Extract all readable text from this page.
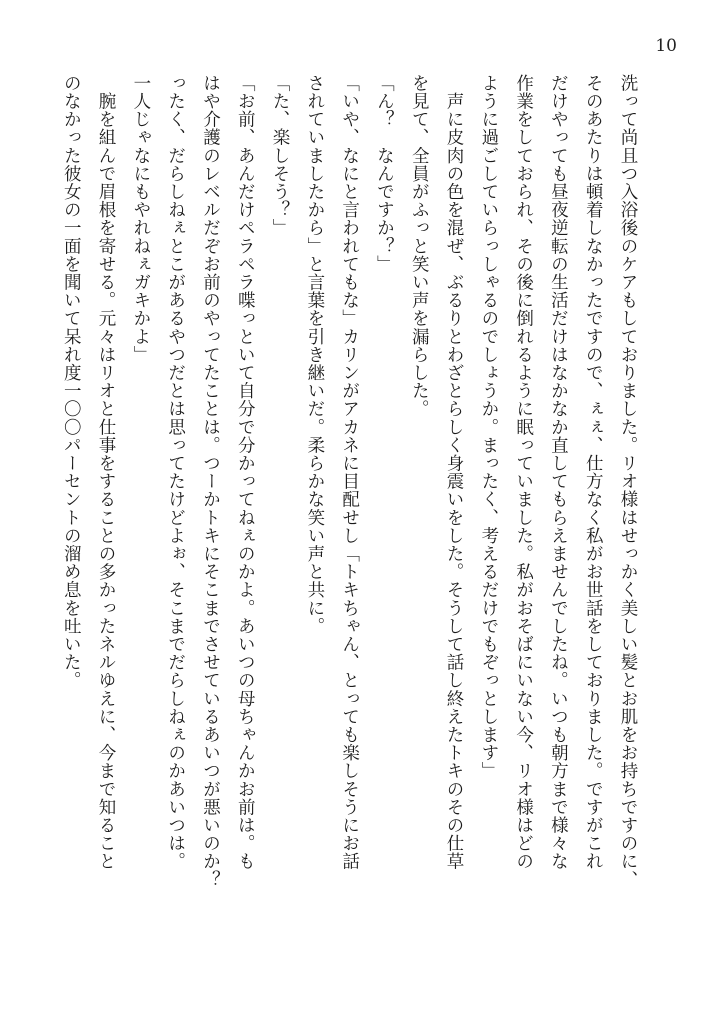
10
洗って尚且つ入浴後のケアもしておりました。リオ様はせっかく美しい髪とお肌をお持ちですのに、
そのあたりは頓着しなかったですので、ぇぇ、仕方なく私がお世話をしておりました。ですがこれ
だけやっても昼夜逆転の生活だけはなかなか直してもらえませんでしたね。いつも朝方まで様々な
作業をしておられ、その後に倒れるように眠っていました。私がおそばにいない今、リオ様はどの
ように過ごしていらっしゃるのでしょうか。まったく、考えるだけでもぞっとします」
　声に皮肉の色を混ぜ、ぶるりとわざとらしく身震いをした。そうして話し終えたトキのその仕草
を見て、全員がふっと笑い声を漏らした。
「ん？　なんですか？」
「いや、なにと言われてもな」カリンがアカネに目配せし「トキちゃん、とっても楽しそうにお話
されていましたから」と言葉を引き継いだ。柔らかな笑い声と共に。
「た、楽しそう？」
「お前、あんだけペラペラ喋っといて自分で分かってねぇのかよ。あいつの母ちゃんかお前は。も
はや介護のレベルだぞお前のやってたことは。つーかトキにそこまでさせているあいつが悪いのか？
ったく、だらしねぇとこがあるやつだとは思ってたけどよぉ、そこまでだらしねぇのかあいつは。
一人じゃなにもやれねぇガキかよ」
　腕を組んで眉根を寄せる。元々はリオと仕事をすることの多かったネルゆえに、今まで知ること
のなかった彼女の一面を聞いて呆れ度一〇〇パーセントの溜め息を吐いた。
